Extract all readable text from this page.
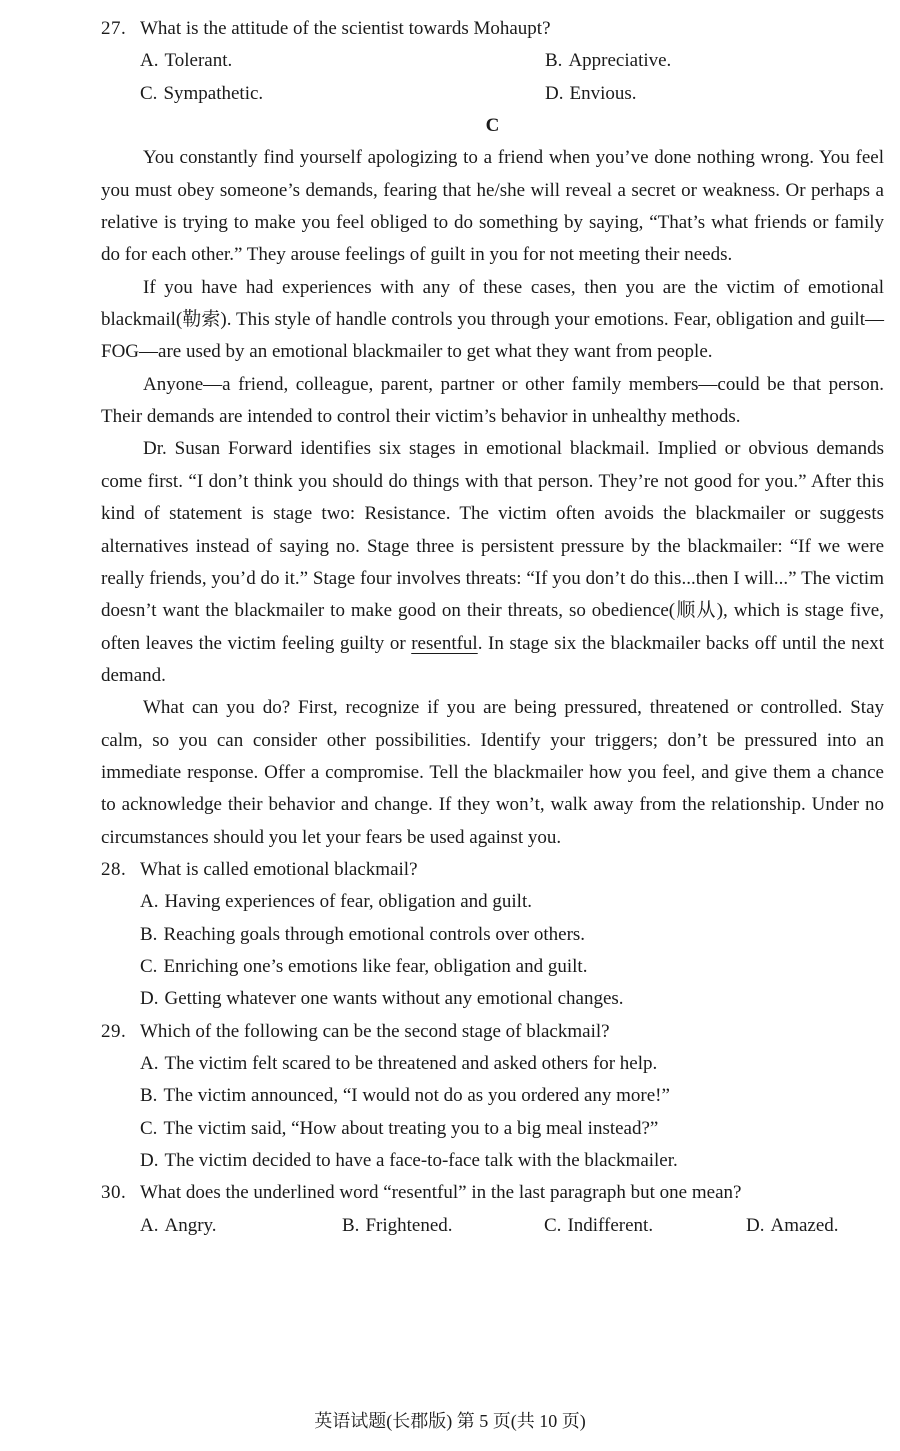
27. What is the attitude of the scientist towards Mohaupt?
A. Tolerant.	B. Appreciative.
C. Sympathetic.	D. Envious.
C

You constantly find yourself apologizing to a friend when you’ve done nothing wrong. You feel you must obey someone’s demands, fearing that he/she will reveal a secret or weakness. Or perhaps a relative is trying to make you feel obliged to do something by saying, “That’s what friends or family do for each other.” They arouse feelings of guilt in you for not meeting their needs.

If you have had experiences with any of these cases, then you are the victim of emotional blackmail(勒索). This style of handle controls you through your emotions. Fear, obligation and guilt—FOG—are used by an emotional blackmailer to get what they want from people.

Anyone—a friend, colleague, parent, partner or other family members—could be that person. Their demands are intended to control their victim’s behavior in unhealthy methods.

Dr. Susan Forward identifies six stages in emotional blackmail. Implied or obvious demands come first. “I don’t think you should do things with that person. They’re not good for you.” After this kind of statement is stage two: Resistance. The victim often avoids the blackmailer or suggests alternatives instead of saying no. Stage three is persistent pressure by the blackmailer: “If we were really friends, you’d do it.” Stage four involves threats: “If you don’t do this...then I will...” The victim doesn’t want the blackmailer to make good on their threats, so obedience(顺从), which is stage five, often leaves the victim feeling guilty or resentful. In stage six the blackmailer backs off until the next demand.

What can you do? First, recognize if you are being pressured, threatened or controlled. Stay calm, so you can consider other possibilities. Identify your triggers; don’t be pressured into an immediate response. Offer a compromise. Tell the blackmailer how you feel, and give them a chance to acknowledge their behavior and change. If they won’t, walk away from the relationship. Under no circumstances should you let your fears be used against you.

28. What is called emotional blackmail?
A. Having experiences of fear, obligation and guilt.
B. Reaching goals through emotional controls over others.
C. Enriching one’s emotions like fear, obligation and guilt.
D. Getting whatever one wants without any emotional changes.
29. Which of the following can be the second stage of blackmail?
A. The victim felt scared to be threatened and asked others for help.
B. The victim announced, “I would not do as you ordered any more!”
C. The victim said, “How about treating you to a big meal instead?”
D. The victim decided to have a face-to-face talk with the blackmailer.
30. What does the underlined word “resentful” in the last paragraph but one mean?
A. Angry.	B. Frightened.	C. Indifferent.	D. Amazed.
英语试题(长郡版) 第 5 页(共 10 页)
